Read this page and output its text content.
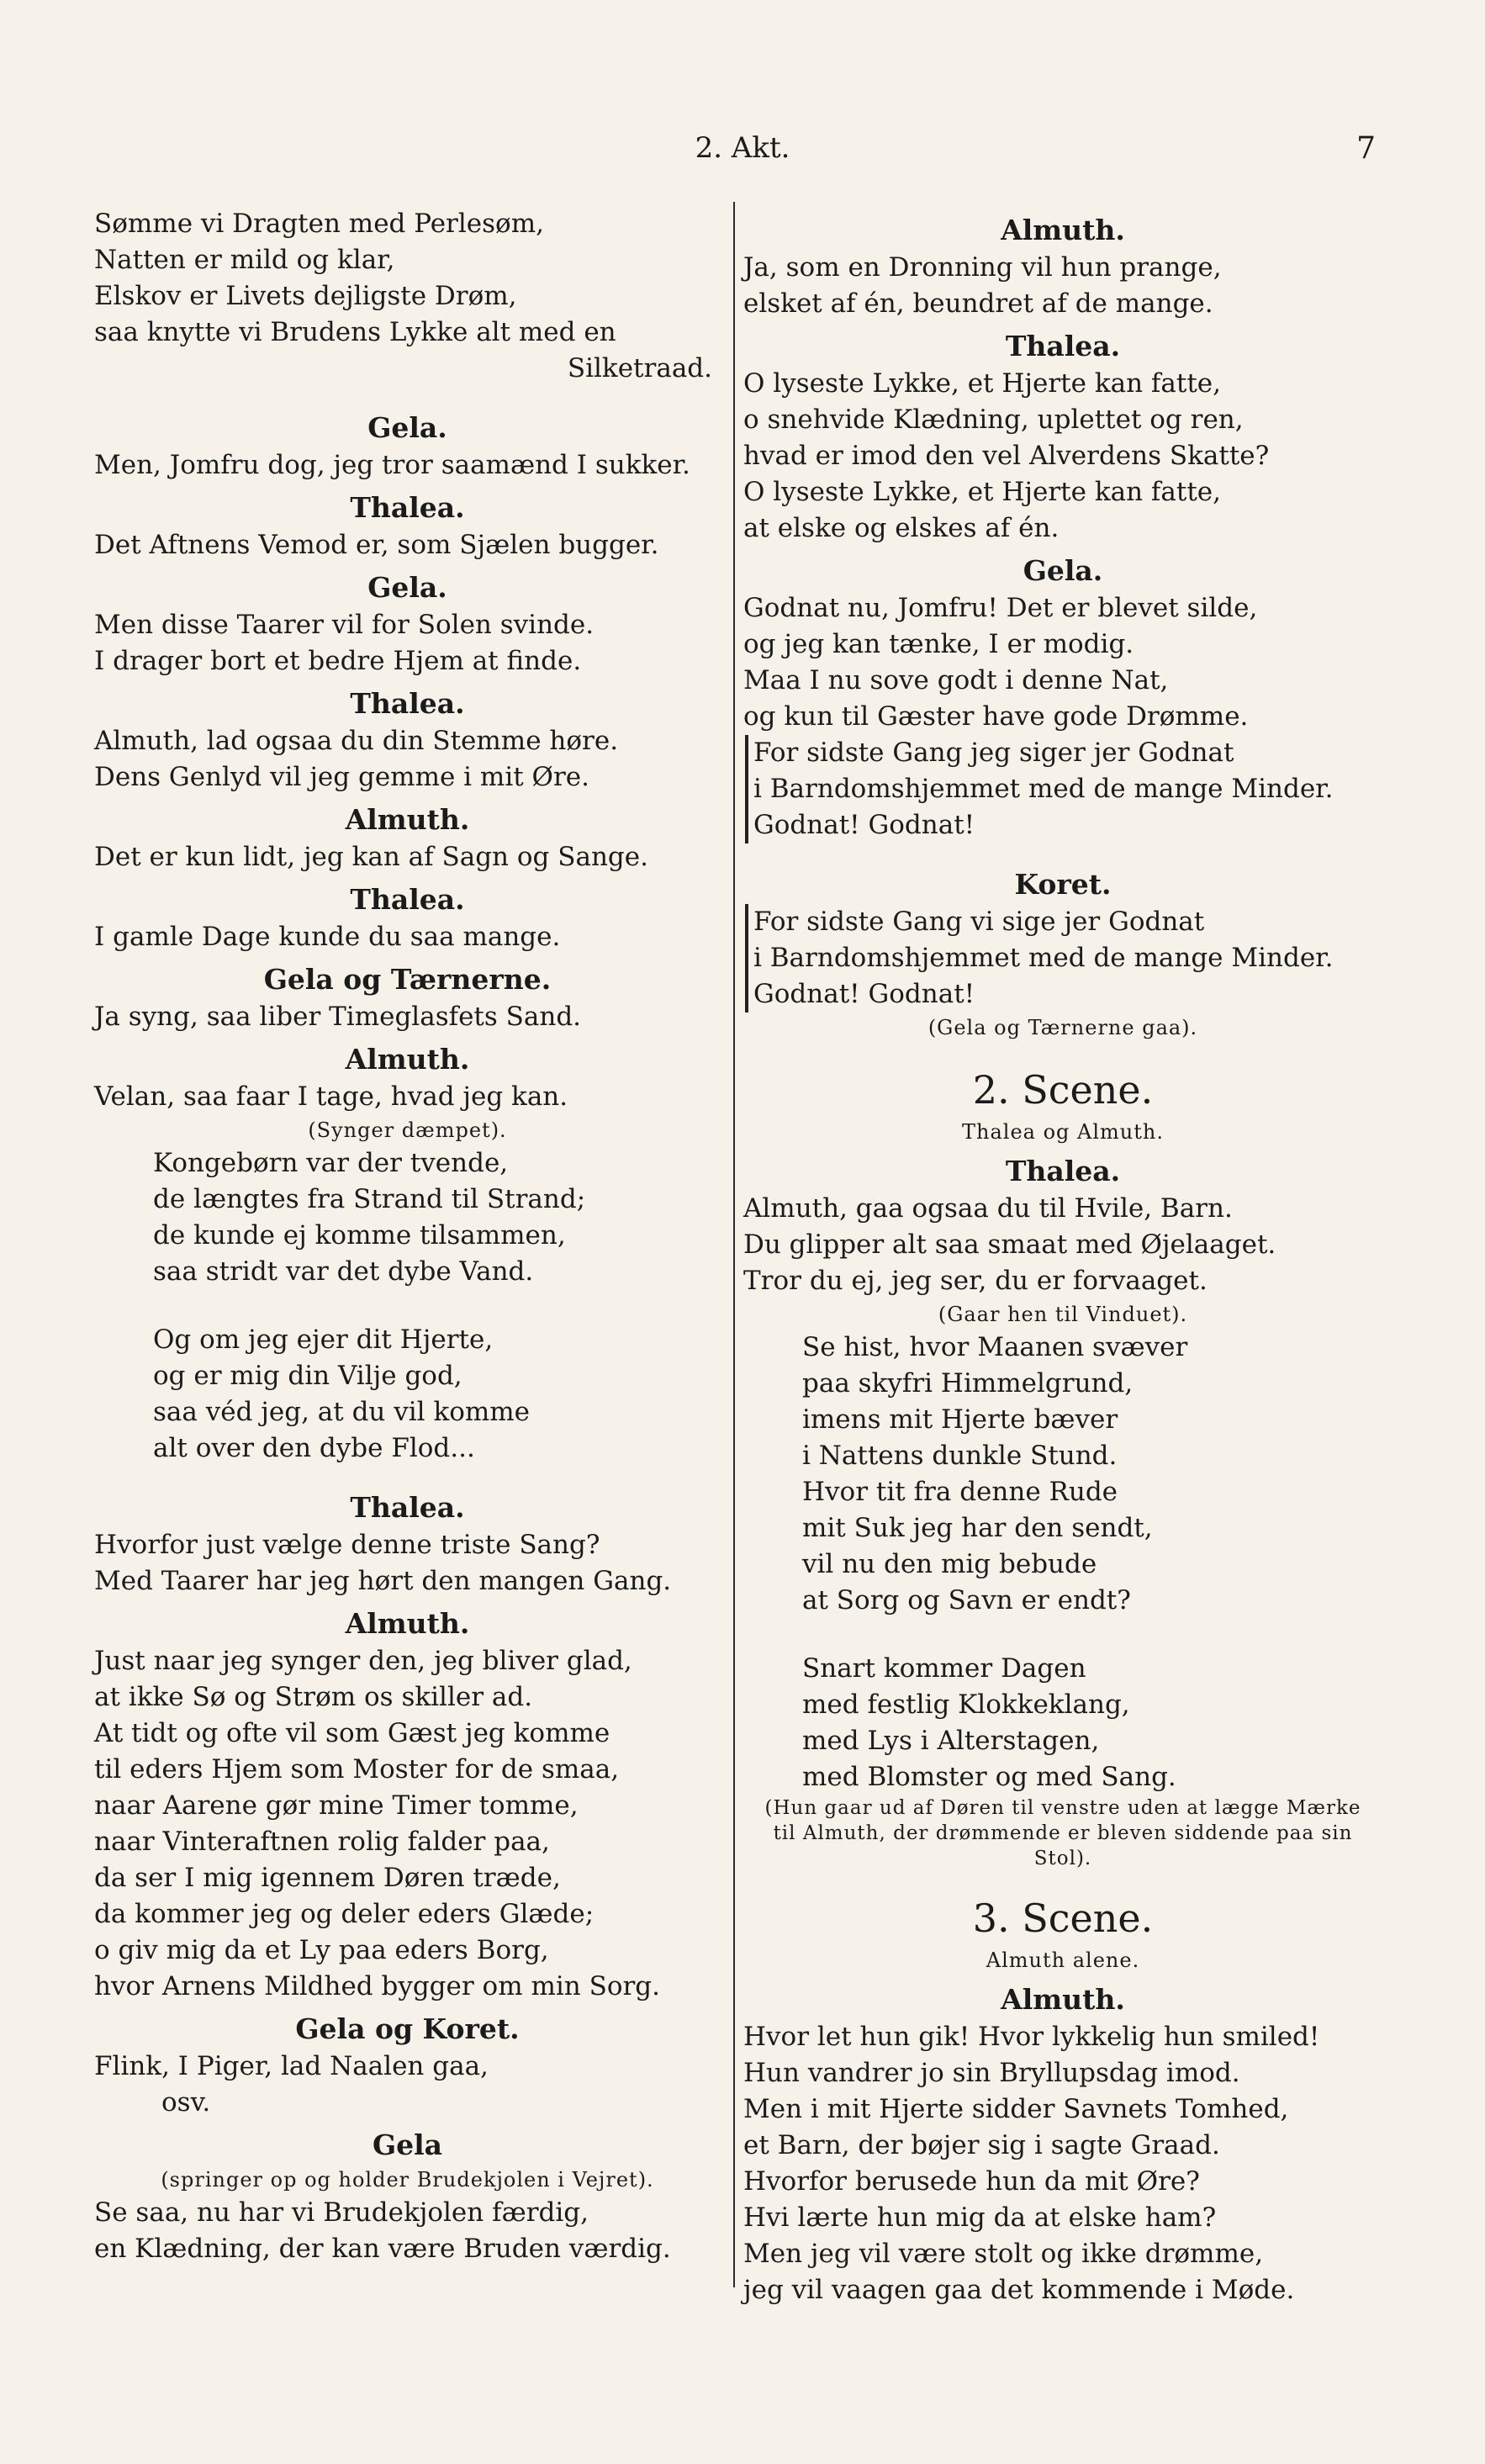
2. Akt.	7
Sømme vi Dragten med Perlesøm,
Natten er mild og klar,
Elskov er Livets dejligste Drøm,
saa knytte vi Brudens Lykke alt med en
Silketraad.
Gela.
Men, Jomfru dog, jeg tror saamænd I sukker.
Thalea.
Det Aftnens Vemod er, som Sjælen bugger.
Gela.
Men disse Taarer vil for Solen svinde.
I drager bort et bedre Hjem at finde.
Thalea.
Almuth, lad ogsaa du din Stemme høre.
Dens Genlyd vil jeg gemme i mit Øre.
Almuth.
Det er kun lidt, jeg kan af Sagn og Sange.
Thalea.
I gamle Dage kunde du saa mange.
Gela og Tærnerne.
Ja syng, saa liber Timeglasfets Sand.
Almuth.
Velan, saa faar I tage, hvad jeg kan.
(Synger dæmpet).
Kongebørn var der tvende,
de længtes fra Strand til Strand;
de kunde ej komme tilsammen,
saa stridt var det dybe Vand.
Og om jeg ejer dit Hjerte,
og er mig din Vilje god,
saa véd jeg, at du vil komme
alt over den dybe Flod...
Thalea.
Hvorfor just vælge denne triste Sang?
Med Taarer har jeg hørt den mangen Gang.
Almuth.
Just naar jeg synger den, jeg bliver glad,
at ikke Sø og Strøm os skiller ad.
At tidt og ofte vil som Gæst jeg komme
til eders Hjem som Moster for de smaa,
naar Aarene gør mine Timer tomme,
naar Vinteraftnen rolig falder paa,
da ser I mig igennem Døren træde,
da kommer jeg og deler eders Glæde;
o giv mig da et Ly paa eders Borg,
hvor Arnens Mildhed bygger om min Sorg.
Gela og Koret.
Flink, I Piger, lad Naalen gaa,
osv.
Gela
(springer op og holder Brudekjolen i Vejret).
Se saa, nu har vi Brudekjolen færdig,
en Klædning, der kan være Bruden værdig.
Almuth.
Ja, som en Dronning vil hun prange,
elsket af én, beundret af de mange.
Thalea.
O lyseste Lykke, et Hjerte kan fatte,
o snehvide Klædning, uplettet og ren,
hvad er imod den vel Alverdens Skatte?
O lyseste Lykke, et Hjerte kan fatte,
at elske og elskes af én.
Gela.
Godnat nu, Jomfru! Det er blevet silde,
og jeg kan tænke, I er modig.
Maa I nu sove godt i denne Nat,
og kun til Gæster have gode Drømme.
For sidste Gang jeg siger jer Godnat
i Barndomshjemmet med de mange Minder.
Godnat! Godnat!
Koret.
For sidste Gang vi sige jer Godnat
i Barndomshjemmet med de mange Minder.
Godnat! Godnat!
(Gela og Tærnerne gaa).
2. Scene.
Thalea og Almuth.
Thalea.
Almuth, gaa ogsaa du til Hvile, Barn.
Du glipper alt saa smaat med Øjelaaget.
Tror du ej, jeg ser, du er forvaaget.
(Gaar hen til Vinduet).
Se hist, hvor Maanen svæver
paa skyfri Himmelgrund,
imens mit Hjerte bæver
i Nattens dunkle Stund.
Hvor tit fra denne Rude
mit Suk jeg har den sendt,
vil nu den mig bebude
at Sorg og Savn er endt?
Snart kommer Dagen
med festlig Klokkeklang,
med Lys i Alterstagen,
med Blomster og med Sang.
(Hun gaar ud af Døren til venstre uden at lægge Mærke til Almuth, der drømmende er bleven siddende paa sin Stol).
3. Scene.
Almuth alene.
Almuth.
Hvor let hun gik! Hvor lykkelig hun smiled!
Hun vandrer jo sin Bryllupsdag imod.
Men i mit Hjerte sidder Savnets Tomhed,
et Barn, der bøjer sig i sagte Graad.
Hvorfor berusede hun da mit Øre?
Hvi lærte hun mig da at elske ham?
Men jeg vil være stolt og ikke drømme,
jeg vil vaagen gaa det kommende i Møde.
